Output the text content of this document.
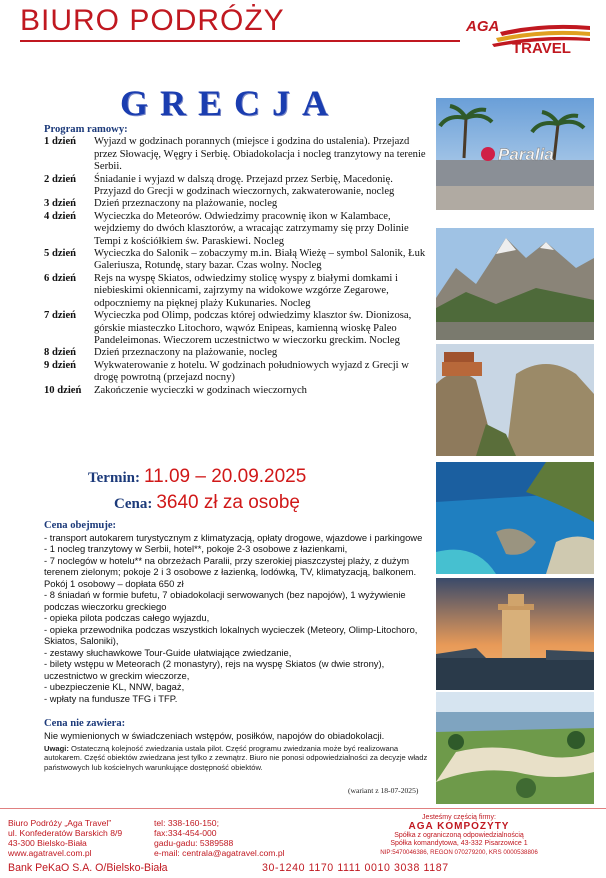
BIURO PODRÓŻY	AGA
TRAVEL
GRECJA
Program ramowy:
1 dzień Wyjazd w godzinach porannych (miejsce i godzina do ustalenia). Przejazd przez Słowację, Węgry i Serbię. Obiadokolacja i nocleg tranzytowy na terenie Serbii.
2 dzień Śniadanie i wyjazd w dalszą drogę. Przejazd przez Serbię, Macedonię. Przyjazd do Grecji w godzinach wieczornych, zakwaterowanie, nocleg
3 dzień Dzień przeznaczony na plażowanie, nocleg
4 dzień Wycieczka do Meteorów. Odwiedzimy pracownię ikon w Kalambace, wejdziemy do dwóch klasztorów, a wracając zatrzymamy się przy Dolinie Tempi z kościółkiem św. Paraskiewi. Nocleg
5 dzień Wycieczka do Salonik – zobaczymy m.in. Białą Wieżę – symbol Salonik, Łuk Galeriusza, Rotundę, stary bazar. Czas wolny. Nocleg
6 dzień Rejs na wyspę Skiatos, odwiedzimy stolicę wyspy z białymi domkami i niebieskimi okiennicami, zajrzymy na widokowe wzgórze Zegarowe, odpoczniemy na pięknej plaży Kukunaries. Nocleg
7 dzień Wycieczka pod Olimp, podczas której odwiedzimy klasztor św. Dionizosa, górskie miasteczko Litochoro, wąwóz Enipeas, kamienną wioskę Paleo Pandeleimonas. Wieczorem uczestnictwo w wieczorku greckim. Nocleg
8 dzień Dzień przeznaczony na plażowanie, nocleg
9 dzień Wykwaterowanie z hotelu. W godzinach południowych wyjazd z Grecji w drogę powrotną (przejazd nocny)
10 dzień Zakończenie wycieczki w godzinach wieczornych
Termin: 11.09 – 20.09.2025
Cena: 3640 zł za osobę
Cena obejmuje:
- transport autokarem turystycznym z klimatyzacją, opłaty drogowe, wjazdowe i parkingowe
- 1 nocleg tranzytowy w Serbii, hotel**, pokoje 2-3 osobowe z łazienkami,
- 7 noclegów w hotelu** na obrzeżach Paralii, przy szerokiej piaszczystej plaży, z dużym terenem zielonym; pokoje 2 i 3 osobowe z łazienką, lodówką, TV, klimatyzacją, balkonem. Pokój 1 osobowy – dopłata 650 zł
- 8 śniadań w formie bufetu, 7 obiadokolacji serwowanych (bez napojów), 1 wyżywienie podczas wieczorku greckiego
- opieka pilota podczas całego wyjazdu,
- opieka przewodnika podczas wszystkich lokalnych wycieczek (Meteory, Olimp-Litochoro, Skiatos, Saloniki),
- zestawy słuchawkowe Tour-Guide ułatwiające zwiedzanie,
- bilety wstępu w Meteorach (2 monastyry), rejs na wyspę Skiatos (w dwie strony), uczestnictwo w greckim wieczorze,
- ubezpieczenie KL, NNW, bagaż,
- wpłaty na fundusze TFG i TFP.
Cena nie zawiera:
Nie wymienionych w świadczeniach wstępów, posiłków, napojów do obiadokolacji.
Uwagi: Ostateczną kolejność zwiedzania ustala pilot. Część programu zwiedzania może być realizowana autokarem. Część obiektów zwiedzana jest tylko z zewnątrz. Biuro nie ponosi odpowiedzialności za decyzje władz państwowych lub kościelnych warunkujące dostępność obiektów.
(wariant z 18-07-2025)
Paralia
Biuro Podróży „Aga Travel”
ul. Konfederatów Barskich 8/9
43-300 Bielsko-Biała
www.agatravel.com.pl
tel: 338-160-150;
fax:334-454-000
gadu-gadu: 5389588
e-mail: centrala@agatravel.com.pl
Jesteśmy częścią firmy:
AGA KOMPOZYTY
Spółka z ograniczoną odpowiedzialnością
Spółka komandytowa, 43-332 Pisarzowice 1
NIP:5470046386, REGON 070279200, KRS 0000538806
Bank PeKaO S.A. O/Bielsko-Biała	30-1240 1170 1111 0010 3038 1187
